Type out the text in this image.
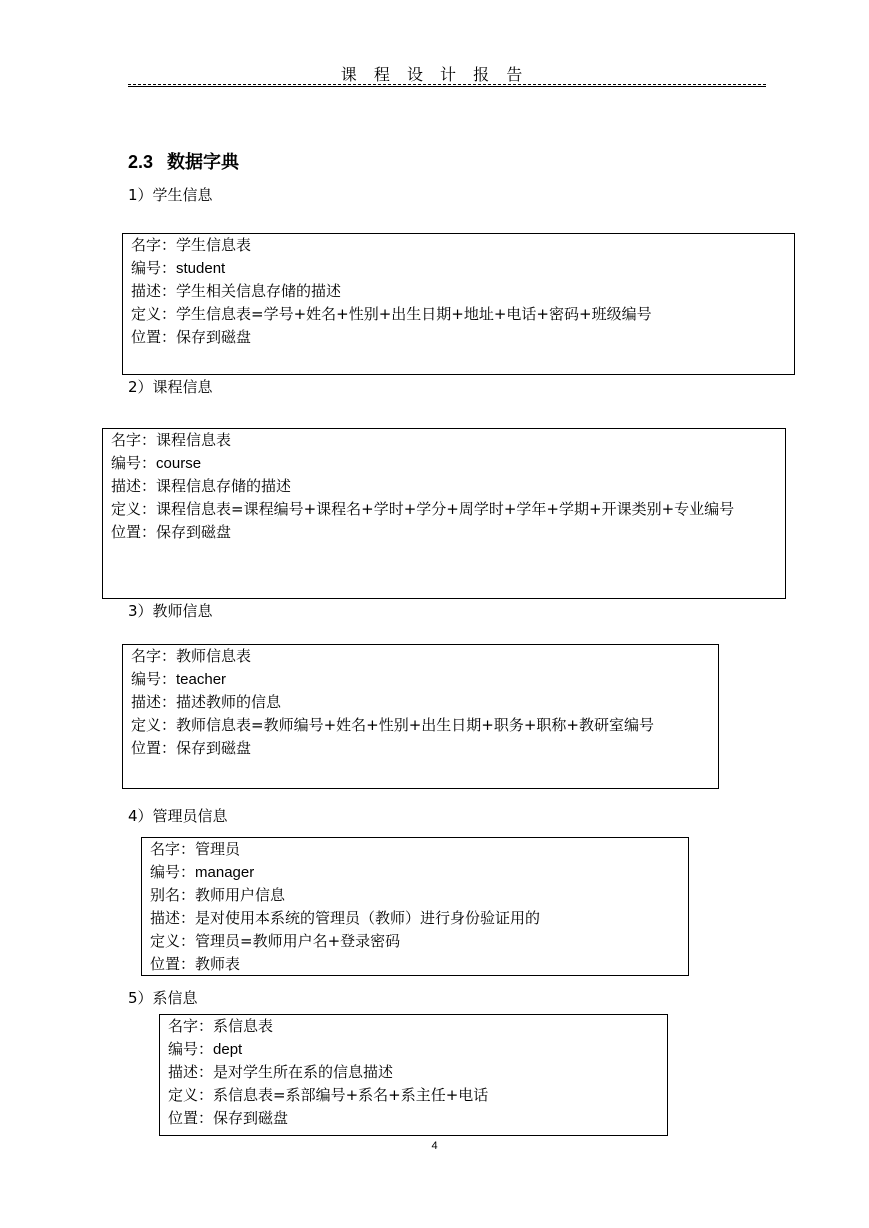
课 程 设 计 报 告
2.3 数据字典
1）学生信息
名字： 学生信息表
编号： student
描述： 学生相关信息存储的描述
定义： 学生信息表=学号+姓名+性别+出生日期+地址+电话+密码+班级编号
位置： 保存到磁盘
2）课程信息
名字： 课程信息表
编号： course
描述： 课程信息存储的描述
定义： 课程信息表=课程编号+课程名+学时+学分+周学时+学年+学期+开课类别+专业编号
位置： 保存到磁盘
3）教师信息
名字： 教师信息表
编号： teacher
描述： 描述教师的信息
定义： 教师信息表=教师编号+姓名+性别+出生日期+职务+职称+教研室编号
位置： 保存到磁盘
4）管理员信息
名字： 管理员
编号： manager
别名： 教师用户信息
描述： 是对使用本系统的管理员（教师）进行身份验证用的
定义： 管理员=教师用户名+登录密码
位置： 教师表
5）系信息
名字： 系信息表
编号： dept
描述： 是对学生所在系的信息描述
定义： 系信息表=系部编号+系名+系主任+电话
位置： 保存到磁盘
4
